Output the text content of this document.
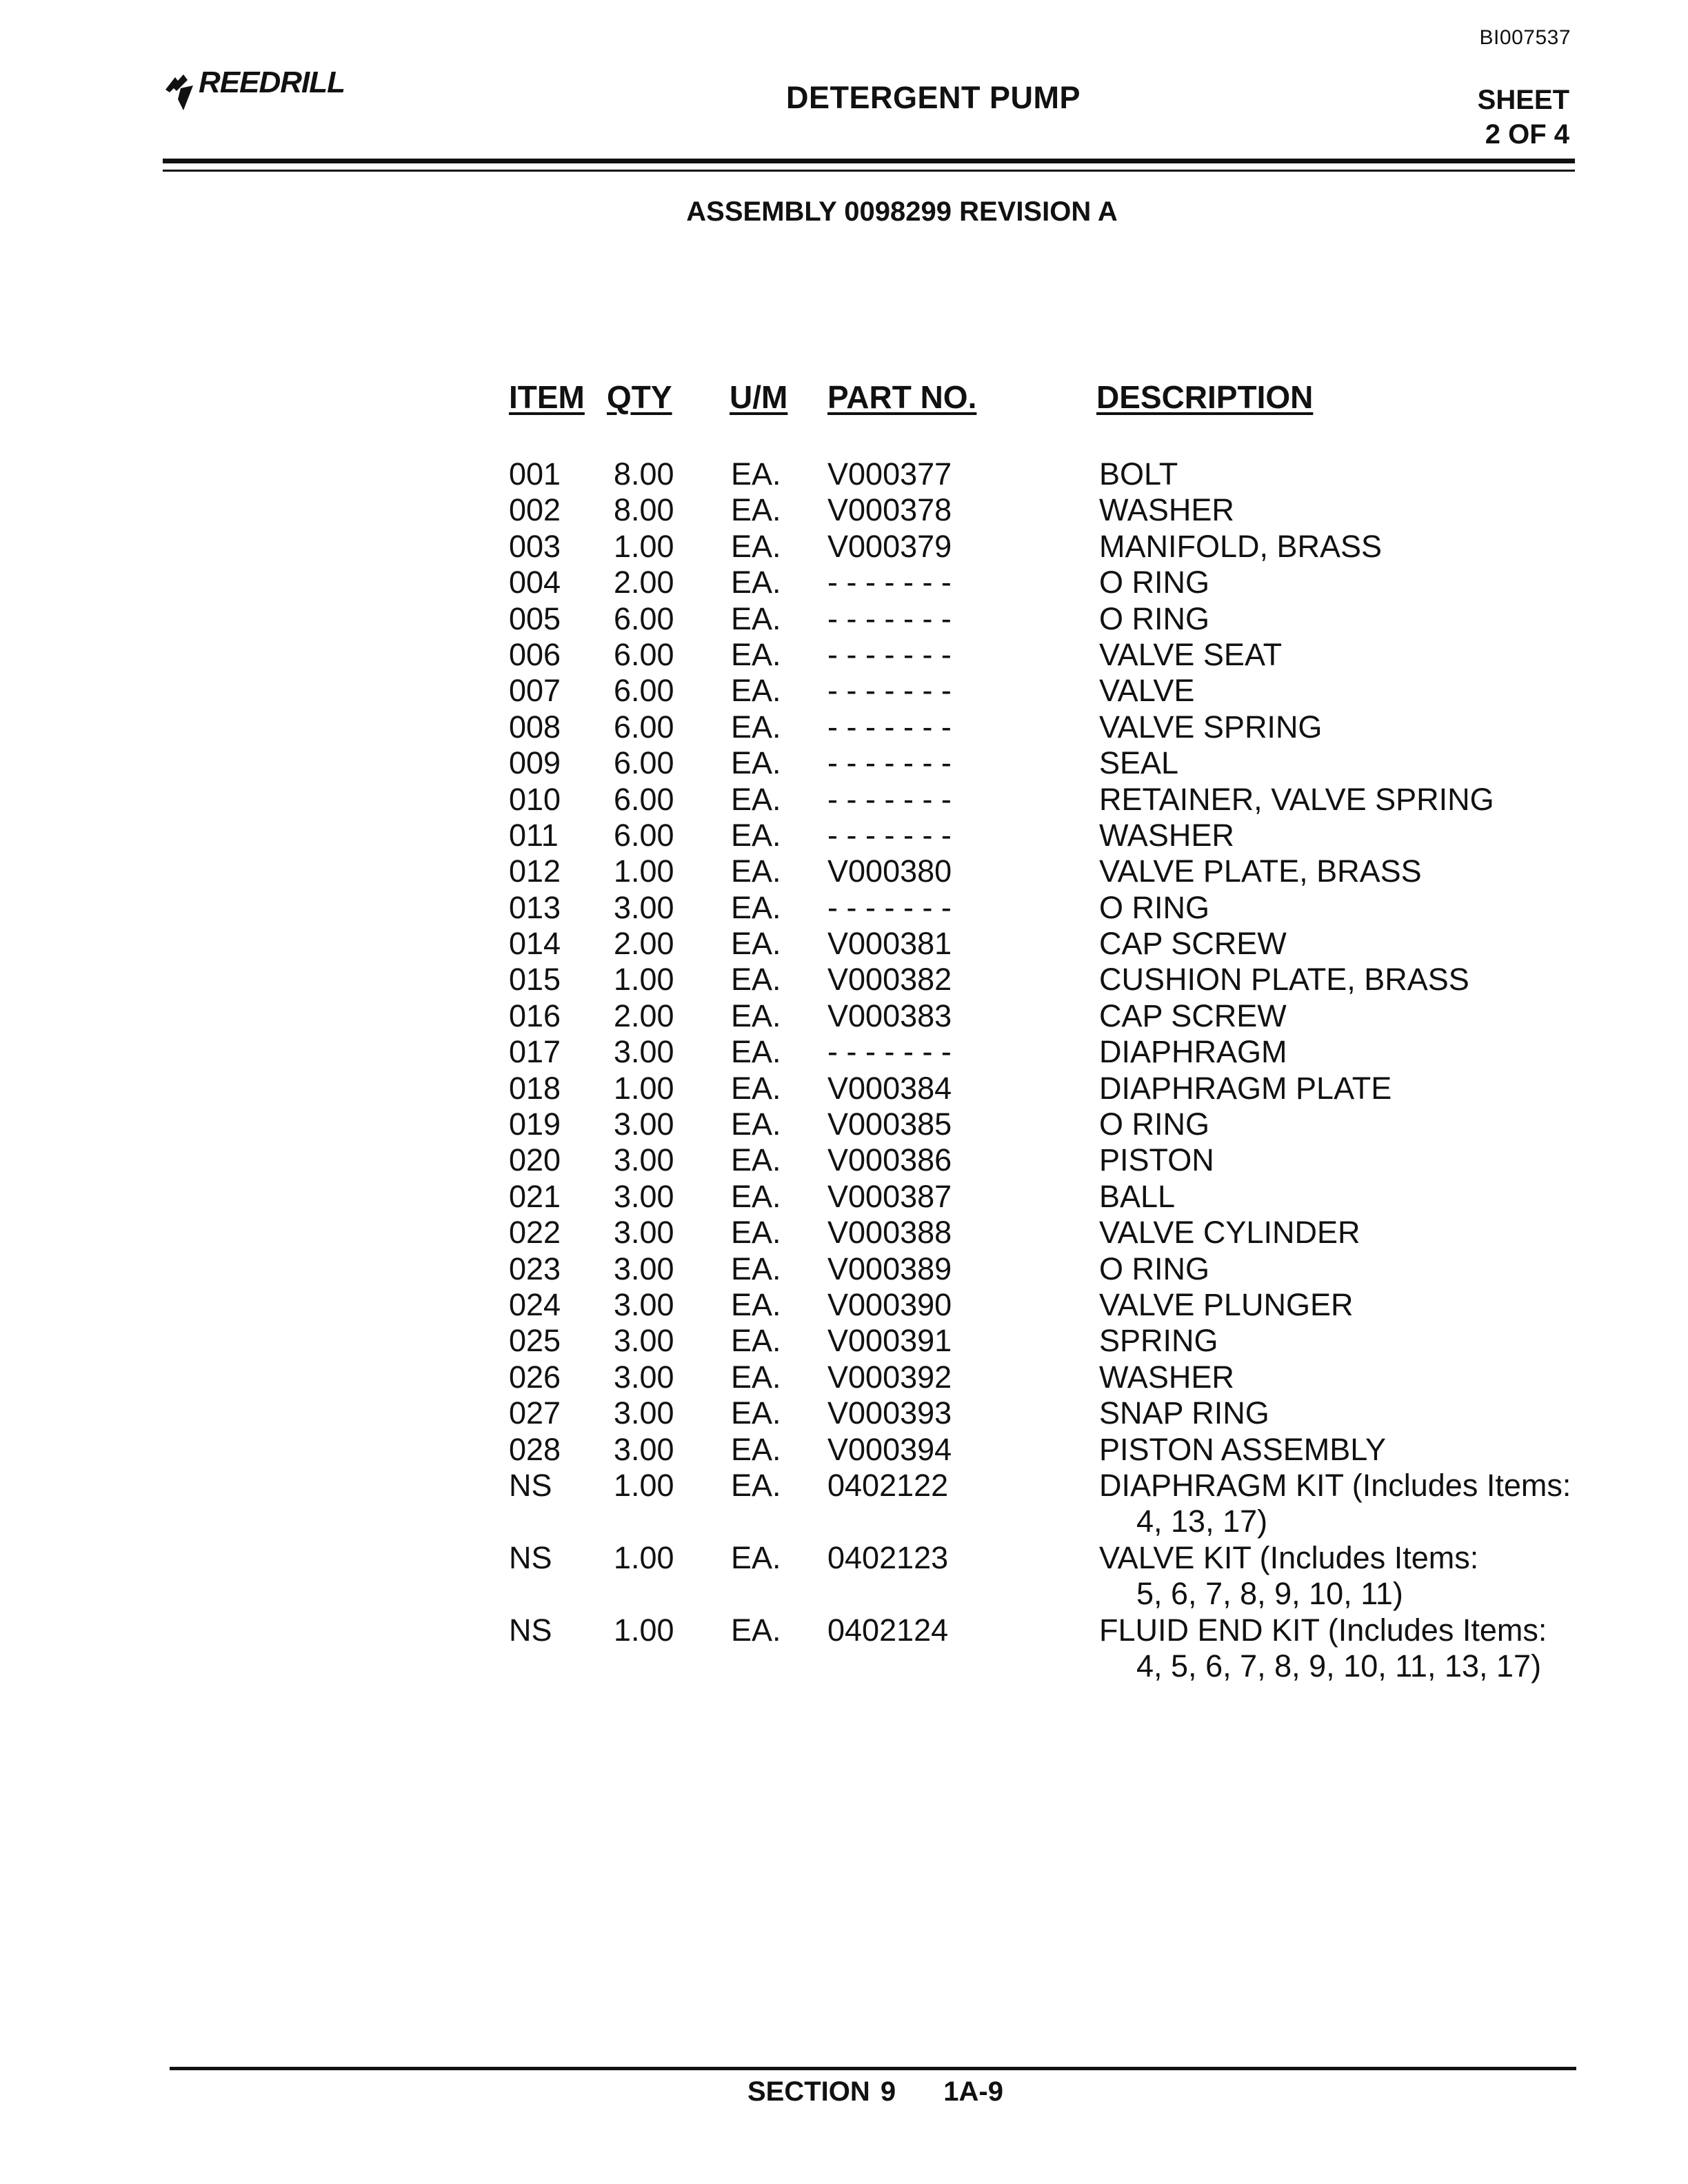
BI007537
REEDRILL	DETERGENT PUMP	SHEET
2 OF 4
ASSEMBLY 0098299 REVISION A
ITEM QTY U/M PART NO.	DESCRIPTION
001 8.00 EA. V000377	BOLT
002 8.00 EA. V000378	WASHER
003 1.00 EA. V000379	MANIFOLD, BRASS
004 2.00 EA. - - - - - - -	O RING
005 6.00 EA. - - - - - - -	O RING
006 6.00 EA. - - - - - - -	VALVE SEAT
007 6.00 EA. - - - - - - -	VALVE
008 6.00 EA. - - - - - - -	VALVE SPRING
009 6.00 EA. - - - - - - -	SEAL
010 6.00 EA. - - - - - - -	RETAINER, VALVE SPRING
011 6.00 EA. - - - - - - -	WASHER
012 1.00 EA. V000380	VALVE PLATE, BRASS
013 3.00 EA. - - - - - - -	O RING
014 2.00 EA. V000381	CAP SCREW
015 1.00 EA. V000382	CUSHION PLATE, BRASS
016 2.00 EA. V000383	CAP SCREW
017 3.00 EA. - - - - - - -	DIAPHRAGM
018 1.00 EA. V000384	DIAPHRAGM PLATE
019 3.00 EA. V000385	O RING
020 3.00 EA. V000386	PISTON
021 3.00 EA. V000387	BALL
022 3.00 EA. V000388	VALVE CYLINDER
023 3.00 EA. V000389	O RING
024 3.00 EA. V000390	VALVE PLUNGER
025 3.00 EA. V000391	SPRING
026 3.00 EA. V000392	WASHER
027 3.00 EA. V000393	SNAP RING
028 3.00 EA. V000394	PISTON ASSEMBLY
NS 1.00 EA. 0402122	DIAPHRAGM KIT (Includes Items:
4, 13, 17)
NS 1.00 EA. 0402123	VALVE KIT (Includes Items:
5, 6, 7, 8, 9, 10, 11)
NS 1.00 EA. 0402124	FLUID END KIT (Includes Items:
4, 5, 6, 7, 8, 9, 10, 11, 13, 17)
SECTION 9 1A-9
